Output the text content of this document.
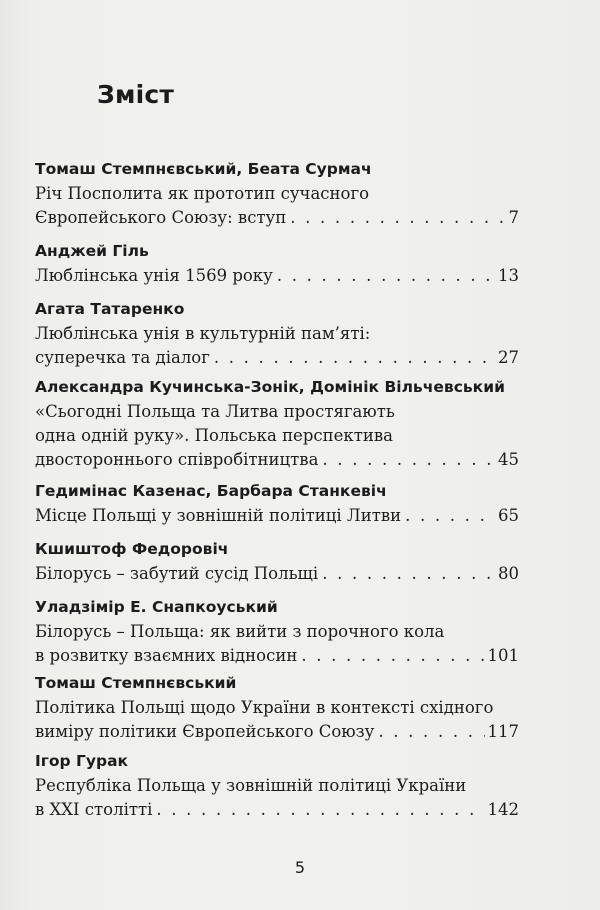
Зміст
Томаш Стемпнєвський, Беата Сурмач
Річ Посполита як прототип сучасного
Європейського Союзу: вступ . . .	7
Анджей Гіль
Люблінська унія 1569 року . . .	13
Агата Татаренко
Люблінська унія в культурній пам’яті:
суперечка та діалог . . .	27
Александра Кучинська-Зонік, Домінік Вільчевський
«Сьогодні Польща та Литва простягають
одна одній руку». Польська перспектива
двостороннього співробітництва . . .	45
Гедимінас Казенас, Барбара Станкевіч
Місце Польщі у зовнішній політиці Литви . . .	65
Кшиштоф Федоровіч
Білорусь – забутий сусід Польщі . . .	80
Уладзімір Е. Снапкоуський
Білорусь – Польща: як вийти з порочного кола
в розвитку взаємних відносин . . .	101
Томаш Стемпнєвський
Політика Польщі щодо України в контексті східного
виміру політики Європейського Союзу . . .	117
Ігор Гурак
Республіка Польща у зовнішній політиці України
в XXI столітті . . .	142
5
